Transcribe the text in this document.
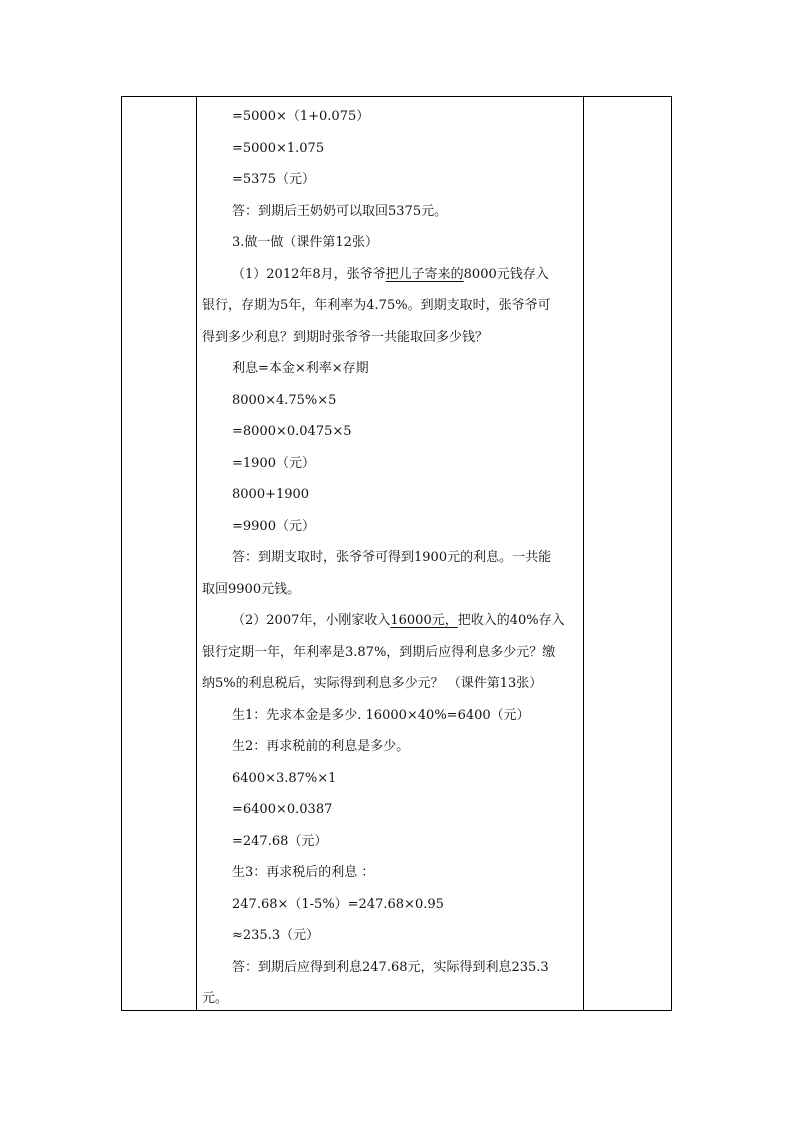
=5000×（1+0.075）
=5000×1.075
=5375（元）
答：到期后王奶奶可以取回5375元。
3.做一做（课件第12张）
（1）2012年8月，张爷爷把儿子寄来的8000元钱存入
银行，存期为5年，年利率为4.75%。到期支取时，张爷爷可
得到多少利息？到期时张爷爷一共能取回多少钱？
利息=本金×利率×存期
8000×4.75%×5
=8000×0.0475×5
=1900（元）
8000+1900
=9900（元）
答：到期支取时，张爷爷可得到1900元的利息。一共能
取回9900元钱。
（2）2007年，小刚家收入16000元，把收入的40%存入
银行定期一年，年利率是3.87%，到期后应得利息多少元？缴
纳5%的利息税后，实际得到利息多少元？ （课件第13张）
生1：先求本金是多少. 16000×40%=6400（元）
生2：再求税前的利息是多少。
6400×3.87%×1
=6400×0.0387
=247.68（元）
生3：再求税后的利息 ：
247.68×（1-5%）=247.68×0.95
≈235.3（元）
答：到期后应得到利息247.68元，实际得到利息235.3
元。
